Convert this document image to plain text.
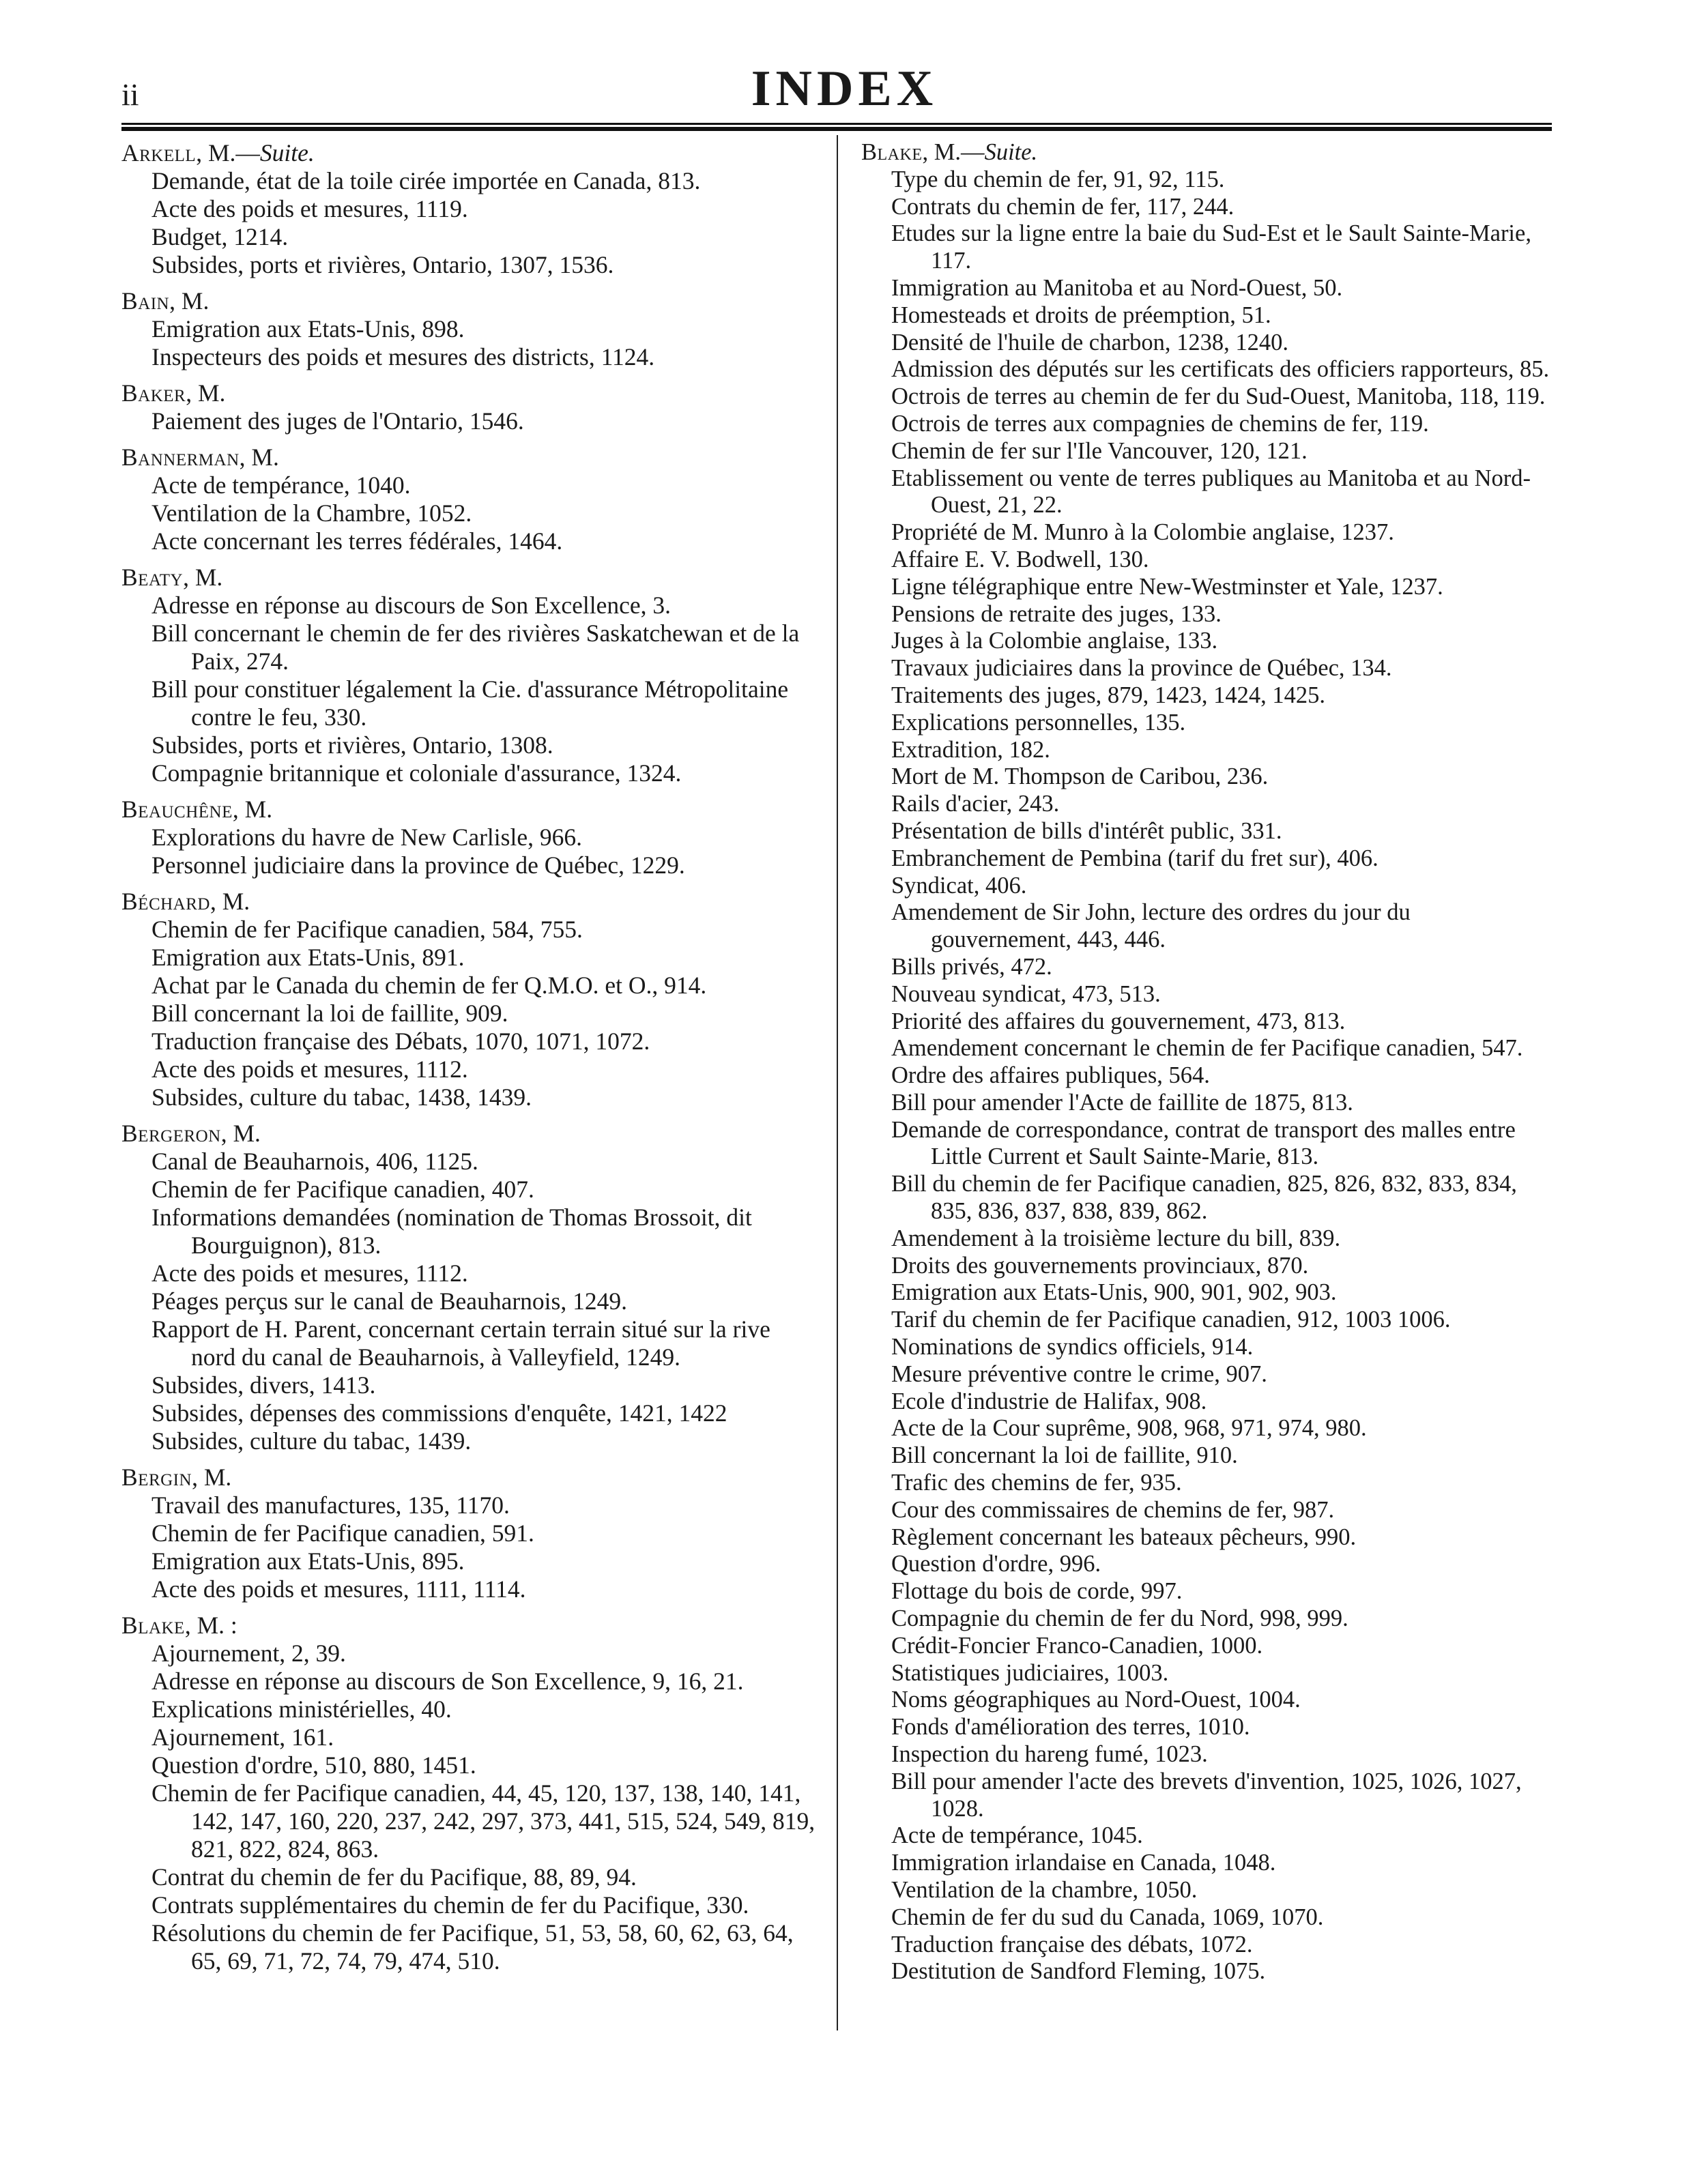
ii	INDEX
Arkell, M.—Suite.
Demande, état de la toile cirée importée en Canada, 813.
Acte des poids et mesures, 1119.
Budget, 1214.
Subsides, ports et rivières, Ontario, 1307, 1536.
Bain, M.
Emigration aux Etats-Unis, 898.
Inspecteurs des poids et mesures des districts, 1124.
Baker, M.
Paiement des juges de l'Ontario, 1546.
Bannerman, M.
Acte de tempérance, 1040.
Ventilation de la Chambre, 1052.
Acte concernant les terres fédérales, 1464.
Beaty, M.
Adresse en réponse au discours de Son Excellence, 3.
Bill concernant le chemin de fer des rivières Saskatchewan et de la Paix, 274.
Bill pour constituer légalement la Cie. d'assurance Métropolitaine contre le feu, 330.
Subsides, ports et rivières, Ontario, 1308.
Compagnie britannique et coloniale d'assurance, 1324.
Beauchêne, M.
Explorations du havre de New Carlisle, 966.
Personnel judiciaire dans la province de Québec, 1229.
Béchard, M.
Chemin de fer Pacifique canadien, 584, 755.
Emigration aux Etats-Unis, 891.
Achat par le Canada du chemin de fer Q.M.O. et O., 914.
Bill concernant la loi de faillite, 909.
Traduction française des Débats, 1070, 1071, 1072.
Acte des poids et mesures, 1112.
Subsides, culture du tabac, 1438, 1439.
Bergeron, M.
Canal de Beauharnois, 406, 1125.
Chemin de fer Pacifique canadien, 407.
Informations demandées (nomination de Thomas Brossoit, dit Bourguignon), 813.
Acte des poids et mesures, 1112.
Péages perçus sur le canal de Beauharnois, 1249.
Rapport de H. Parent, concernant certain terrain situé sur la rive nord du canal de Beauharnois, à Valleyfield, 1249.
Subsides, divers, 1413.
Subsides, dépenses des commissions d'enquête, 1421, 1422
Subsides, culture du tabac, 1439.
Bergin, M.
Travail des manufactures, 135, 1170.
Chemin de fer Pacifique canadien, 591.
Emigration aux Etats-Unis, 895.
Acte des poids et mesures, 1111, 1114.
Blake, M. :
Ajournement, 2, 39.
Adresse en réponse au discours de Son Excellence, 9, 16, 21.
Explications ministérielles, 40.
Ajournement, 161.
Question d'ordre, 510, 880, 1451.
Chemin de fer Pacifique canadien, 44, 45, 120, 137, 138, 140, 141, 142, 147, 160, 220, 237, 242, 297, 373, 441, 515, 524, 549, 819, 821, 822, 824, 863.
Contrat du chemin de fer du Pacifique, 88, 89, 94.
Contrats supplémentaires du chemin de fer du Pacifique, 330.
Résolutions du chemin de fer Pacifique, 51, 53, 58, 60, 62, 63, 64, 65, 69, 71, 72, 74, 79, 474, 510.
Blake, M.—Suite.
Type du chemin de fer, 91, 92, 115.
Contrats du chemin de fer, 117, 244.
Etudes sur la ligne entre la baie du Sud-Est et le Sault Sainte-Marie, 117.
Immigration au Manitoba et au Nord-Ouest, 50.
Homesteads et droits de préemption, 51.
Densité de l'huile de charbon, 1238, 1240.
Admission des députés sur les certificats des officiers rapporteurs, 85.
Octrois de terres au chemin de fer du Sud-Ouest, Manitoba, 118, 119.
Octrois de terres aux compagnies de chemins de fer, 119.
Chemin de fer sur l'Ile Vancouver, 120, 121.
Etablissement ou vente de terres publiques au Manitoba et au Nord-Ouest, 21, 22.
Propriété de M. Munro à la Colombie anglaise, 1237.
Affaire E. V. Bodwell, 130.
Ligne télégraphique entre New-Westminster et Yale, 1237.
Pensions de retraite des juges, 133.
Juges à la Colombie anglaise, 133.
Travaux judiciaires dans la province de Québec, 134.
Traitements des juges, 879, 1423, 1424, 1425.
Explications personnelles, 135.
Extradition, 182.
Mort de M. Thompson de Caribou, 236.
Rails d'acier, 243.
Présentation de bills d'intérêt public, 331.
Embranchement de Pembina (tarif du fret sur), 406.
Syndicat, 406.
Amendement de Sir John, lecture des ordres du jour du gouvernement, 443, 446.
Bills privés, 472.
Nouveau syndicat, 473, 513.
Priorité des affaires du gouvernement, 473, 813.
Amendement concernant le chemin de fer Pacifique canadien, 547.
Ordre des affaires publiques, 564.
Bill pour amender l'Acte de faillite de 1875, 813.
Demande de correspondance, contrat de transport des malles entre Little Current et Sault Sainte-Marie, 813.
Bill du chemin de fer Pacifique canadien, 825, 826, 832, 833, 834, 835, 836, 837, 838, 839, 862.
Amendement à la troisième lecture du bill, 839.
Droits des gouvernements provinciaux, 870.
Emigration aux Etats-Unis, 900, 901, 902, 903.
Tarif du chemin de fer Pacifique canadien, 912, 1003 1006.
Nominations de syndics officiels, 914.
Mesure préventive contre le crime, 907.
Ecole d'industrie de Halifax, 908.
Acte de la Cour suprême, 908, 968, 971, 974, 980.
Bill concernant la loi de faillite, 910.
Trafic des chemins de fer, 935.
Cour des commissaires de chemins de fer, 987.
Règlement concernant les bateaux pêcheurs, 990.
Question d'ordre, 996.
Flottage du bois de corde, 997.
Compagnie du chemin de fer du Nord, 998, 999.
Crédit-Foncier Franco-Canadien, 1000.
Statistiques judiciaires, 1003.
Noms géographiques au Nord-Ouest, 1004.
Fonds d'amélioration des terres, 1010.
Inspection du hareng fumé, 1023.
Bill pour amender l'acte des brevets d'invention, 1025, 1026, 1027, 1028.
Acte de tempérance, 1045.
Immigration irlandaise en Canada, 1048.
Ventilation de la chambre, 1050.
Chemin de fer du sud du Canada, 1069, 1070.
Traduction française des débats, 1072.
Destitution de Sandford Fleming, 1075.
